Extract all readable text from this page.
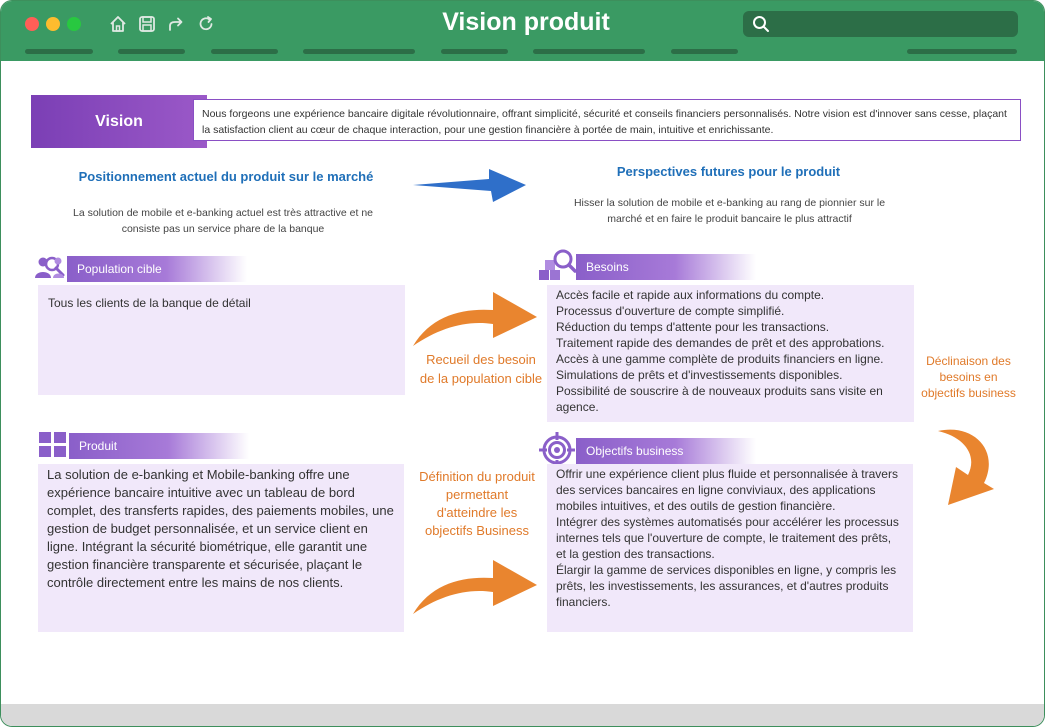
Vision produit
Vision	Nous forgeons une expérience bancaire digitale révolutionnaire, offrant simplicité, sécurité et conseils financiers personnalisés. Notre vision est d'innover sans cesse, plaçant la satisfaction client au cœur de chaque interaction, pour une gestion financière à portée de main, intuitive et enrichissante.
Positionnement actuel du produit sur le marché
La solution de mobile et e-banking actuel est très attractive et ne consiste pas un service phare de la banque
Perspectives futures pour le produit
Hisser la solution de mobile et e-banking au rang de pionnier sur le marché et en faire le produit bancaire le plus attractif
Population cible
Tous les clients de la banque de détail
Produit
La solution de e-banking et Mobile-banking offre une expérience bancaire intuitive avec un tableau de bord complet, des transferts rapides, des paiements mobiles, une gestion de budget personnalisée, et un service client en ligne. Intégrant la sécurité biométrique, elle garantit une gestion financière transparente et sécurisée, plaçant le contrôle directement entre les mains de nos clients.
Recueil des besoin de la population cible
Définition du produit permettant d'atteindre les objectifs Business
Besoins
Accès facile et rapide aux informations du compte.
Processus d'ouverture de compte simplifié.
Réduction du temps d'attente pour les transactions.
Traitement rapide des demandes de prêt et des approbations.
Accès à une gamme complète de produits financiers en ligne.
Simulations de prêts et d'investissements disponibles.
Possibilité de souscrire à de nouveaux produits sans visite en agence.
Objectifs business
Offrir une expérience client plus fluide et personnalisée à travers des services bancaires en ligne conviviaux, des applications mobiles intuitives, et des outils de gestion financière.
Intégrer des systèmes automatisés pour accélérer les processus internes tels que l'ouverture de compte, le traitement des prêts, et la gestion des transactions.
Élargir la gamme de services disponibles en ligne, y compris les prêts, les investissements, les assurances, et d'autres produits financiers.
Déclinaison des besoins en objectifs business
